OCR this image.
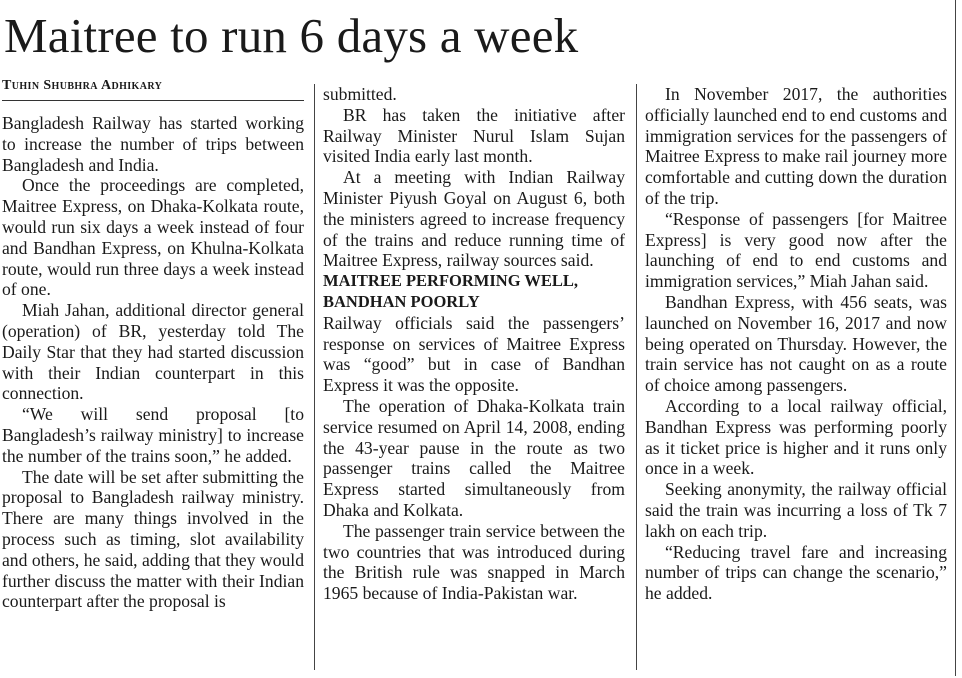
Maitree to run 6 days a week
Tuhin Shubhra Adhikary

Bangladesh Railway has started working to increase the number of trips between Bangladesh and India.

Once the proceedings are completed, Maitree Express, on Dhaka-Kolkata route, would run six days a week instead of four and Bandhan Express, on Khulna-Kolkata route, would run three days a week instead of one.

Miah Jahan, additional director general (operation) of BR, yesterday told The Daily Star that they had started discussion with their Indian counterpart in this connection.

“We will send proposal [to Bangladesh’s railway ministry] to increase the number of the trains soon,” he added.

The date will be set after submitting the proposal to Bangladesh railway ministry. There are many things involved in the process such as timing, slot availability and others, he said, adding that they would further discuss the matter with their Indian counterpart after the proposal is

submitted.

BR has taken the initiative after Railway Minister Nurul Islam Sujan visited India early last month.

At a meeting with Indian Railway Minister Piyush Goyal on August 6, both the ministers agreed to increase frequency of the trains and reduce running time of Maitree Express, railway sources said.

MAITREE PERFORMING WELL,
BANDHAN POORLY

Railway officials said the passengers’ response on services of Maitree Express was “good” but in case of Bandhan Express it was the opposite.

The operation of Dhaka-Kolkata train service resumed on April 14, 2008, ending the 43-year pause in the route as two passenger trains called the Maitree Express started simultaneously from Dhaka and Kolkata.

The passenger train service between the two countries that was introduced during the British rule was snapped in March 1965 because of India-Pakistan war.

In November 2017, the authorities officially launched end to end customs and immigration services for the passengers of Maitree Express to make rail journey more comfortable and cutting down the duration of the trip.

“Response of passengers [for Maitree Express] is very good now after the launching of end to end customs and immigration services,” Miah Jahan said.

Bandhan Express, with 456 seats, was launched on November 16, 2017 and now being operated on Thursday. However, the train service has not caught on as a route of choice among passengers.

According to a local railway official, Bandhan Express was performing poorly as it ticket price is higher and it runs only once in a week.

Seeking anonymity, the railway official said the train was incurring a loss of Tk 7 lakh on each trip.

“Reducing travel fare and increasing number of trips can change the scenario,” he added.
